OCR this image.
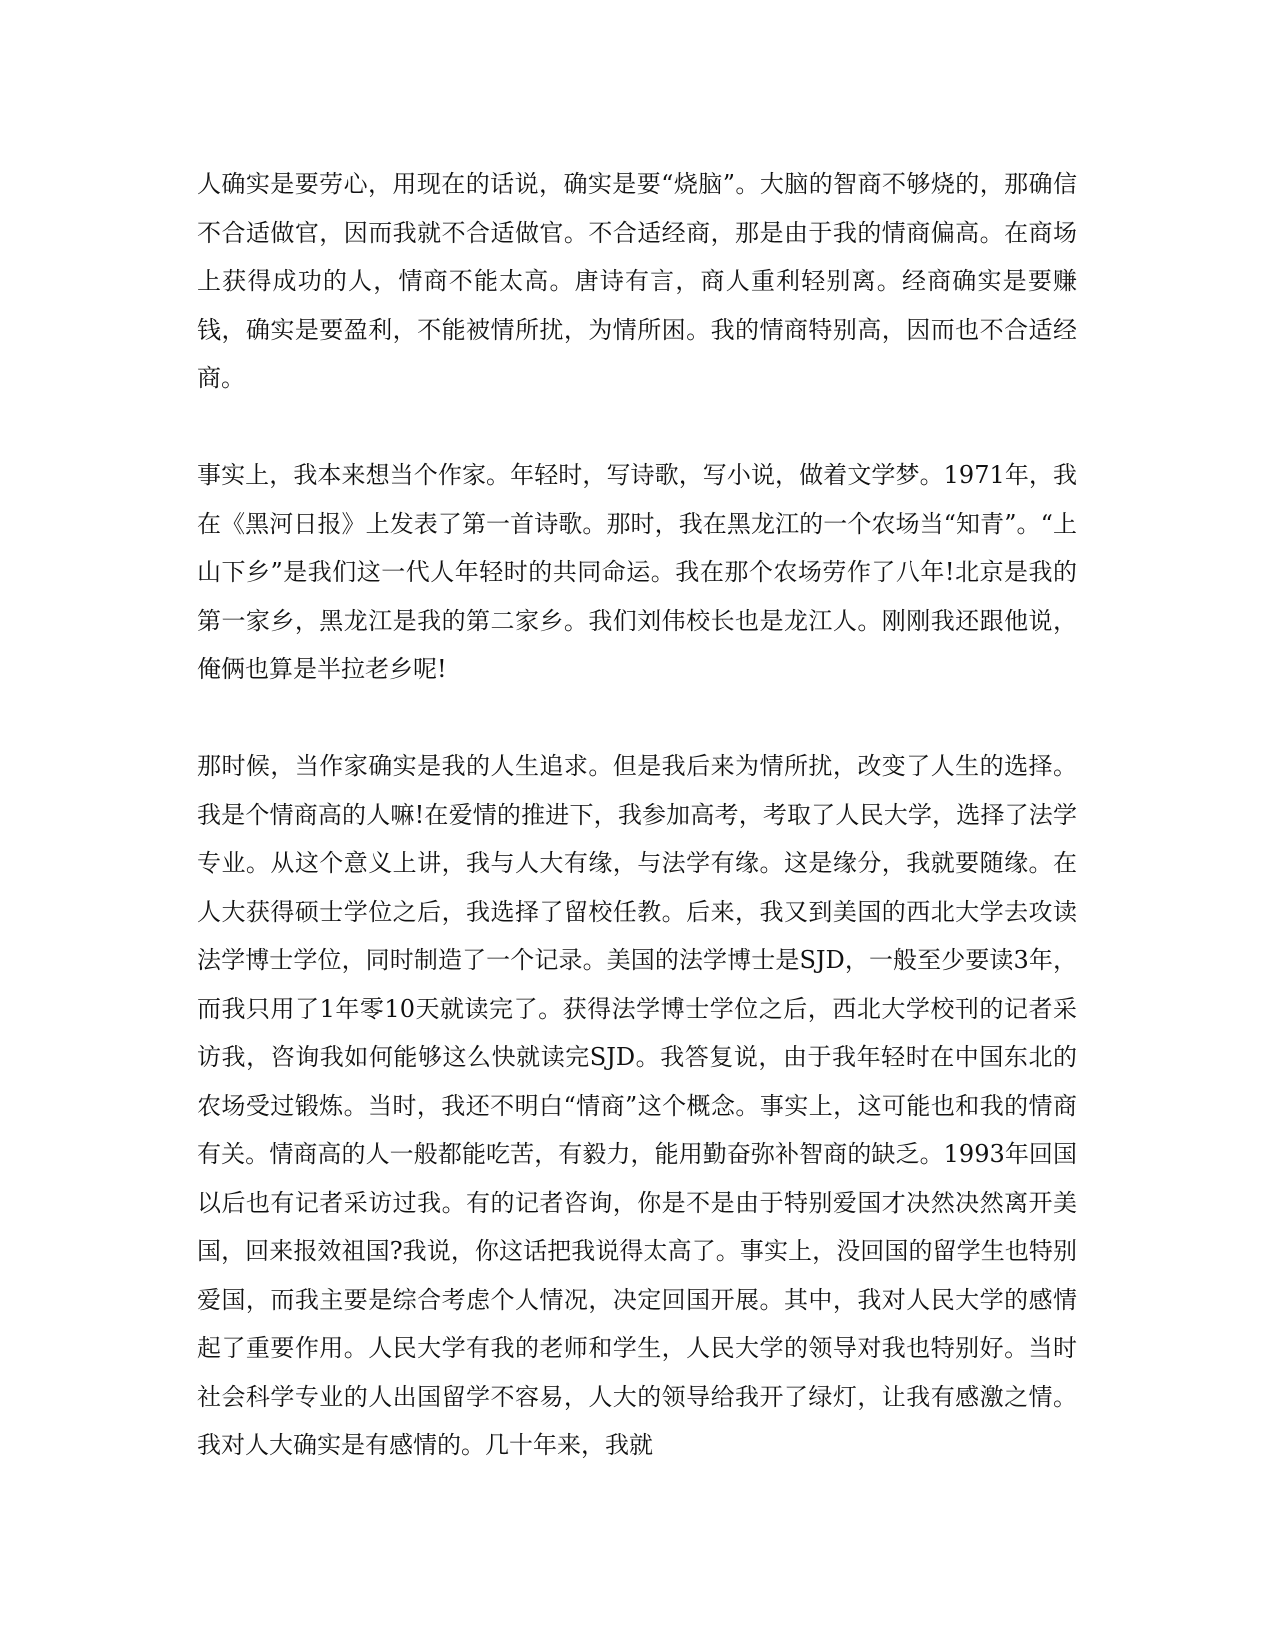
人确实是要劳心，用现在的话说，确实是要“烧脑”。大脑的智商不够烧的，那确信不合适做官，因而我就不合适做官。不合适经商，那是由于我的情商偏高。在商场上获得成功的人，情商不能太高。唐诗有言，商人重利轻别离。经商确实是要赚钱，确实是要盈利，不能被情所扰，为情所困。我的情商特别高，因而也不合适经商。

事实上，我本来想当个作家。年轻时，写诗歌，写小说，做着文学梦。1971年，我在《黑河日报》上发表了第一首诗歌。那时，我在黑龙江的一个农场当“知青”。“上山下乡”是我们这一代人年轻时的共同命运。我在那个农场劳作了八年!北京是我的第一家乡，黑龙江是我的第二家乡。我们刘伟校长也是龙江人。刚刚我还跟他说，俺俩也算是半拉老乡呢!

那时候，当作家确实是我的人生追求。但是我后来为情所扰，改变了人生的选择。我是个情商高的人嘛!在爱情的推进下，我参加高考，考取了人民大学，选择了法学专业。从这个意义上讲，我与人大有缘，与法学有缘。这是缘分，我就要随缘。在人大获得硕士学位之后，我选择了留校任教。后来，我又到美国的西北大学去攻读法学博士学位，同时制造了一个记录。美国的法学博士是SJD，一般至少要读3年，而我只用了1年零10天就读完了。获得法学博士学位之后，西北大学校刊的记者采访我，咨询我如何能够这么快就读完SJD。我答复说，由于我年轻时在中国东北的农场受过锻炼。当时，我还不明白“情商”这个概念。事实上，这可能也和我的情商有关。情商高的人一般都能吃苦，有毅力，能用勤奋弥补智商的缺乏。1993年回国以后也有记者采访过我。有的记者咨询，你是不是由于特别爱国才决然决然离开美国，回来报效祖国?我说，你这话把我说得太高了。事实上，没回国的留学生也特别爱国，而我主要是综合考虑个人情况，决定回国开展。其中，我对人民大学的感情起了重要作用。人民大学有我的老师和学生，人民大学的领导对我也特别好。当时社会科学专业的人出国留学不容易，人大的领导给我开了绿灯，让我有感激之情。我对人大确实是有感情的。几十年来，我就
